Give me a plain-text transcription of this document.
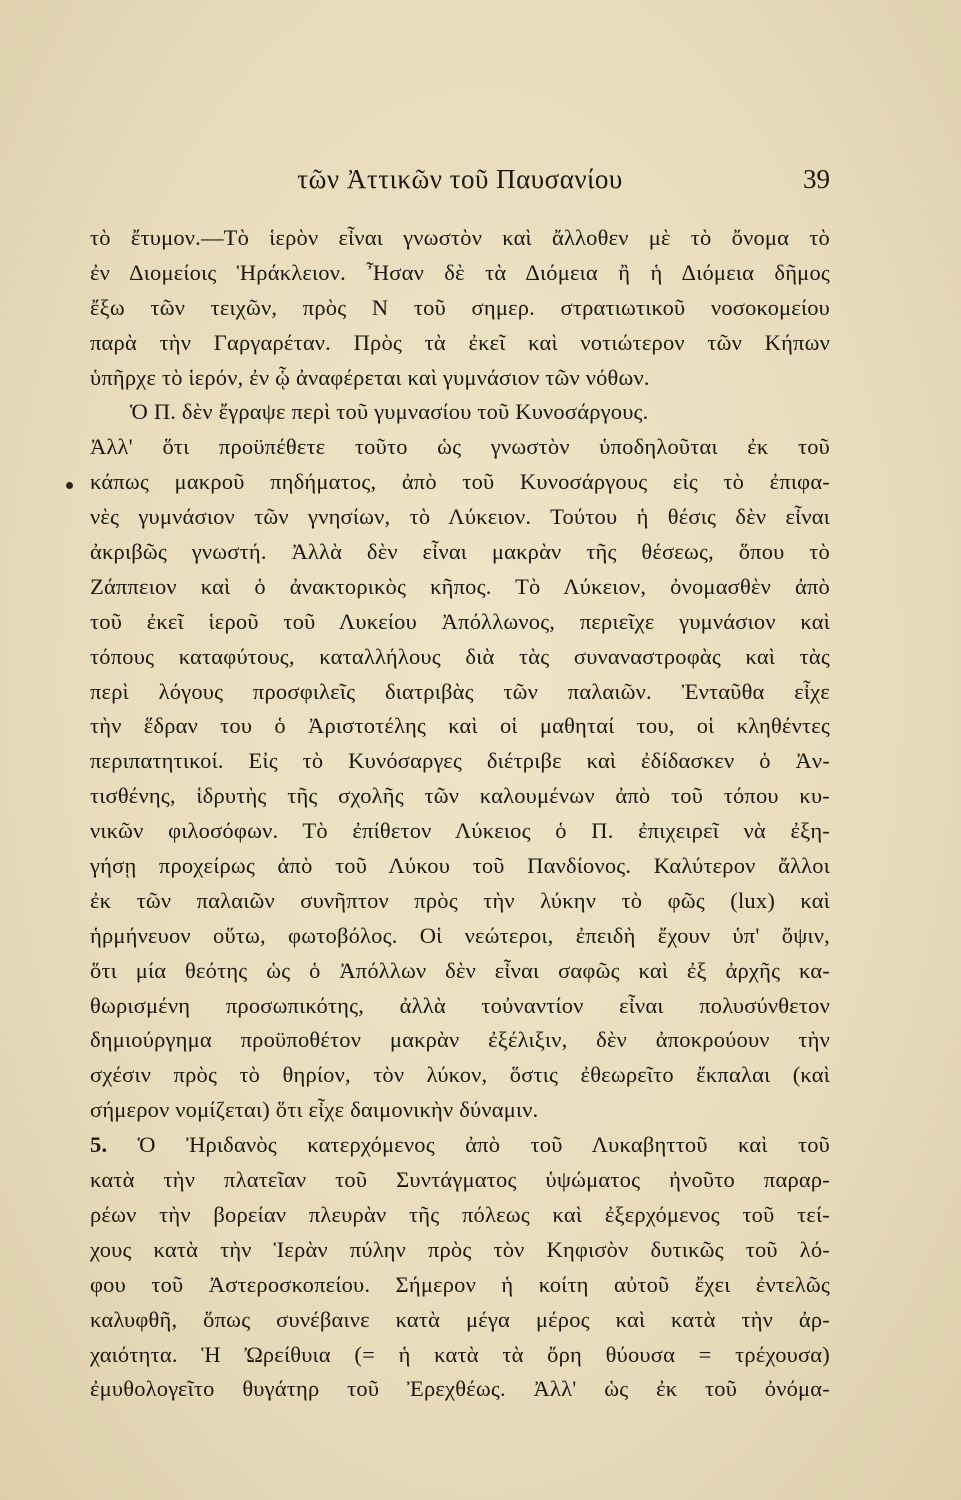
τῶν Ἀττικῶν τοῦ Παυσανίου	39
τὸ ἔτυμον.—Τὸ ἱερὸν εἶναι γνωστὸν καὶ ἄλλοθεν μὲ τὸ ὄνομα τὸ
ἐν Διομείοις Ἡράκλειον. Ἦσαν δὲ τὰ Διόμεια ἢ ἡ Διόμεια δῆμος
ἔξω τῶν τειχῶν, πρὸς Ν τοῦ σημερ. στρατιωτικοῦ νοσοκομείου
παρὰ τὴν Γαργαρέταν. Πρὸς τὰ ἐκεῖ καὶ νοτιώτερον τῶν Κήπων
ὑπῆρχε τὸ ἱερόν, ἐν ᾧ ἀναφέρεται καὶ γυμνάσιον τῶν νόθων.
Ὁ Π. δὲν ἔγραψε περὶ τοῦ γυμνασίου τοῦ Κυνοσάργους.
Ἀλλ' ὅτι προϋπέθετε τοῦτο ὡς γνωστὸν ὑποδηλοῦται ἐκ τοῦ
κάπως μακροῦ πηδήματος, ἀπὸ τοῦ Κυνοσάργους εἰς τὸ ἐπιφα-
νὲς γυμνάσιον τῶν γνησίων, τὸ Λύκειον. Τούτου ἡ θέσις δὲν εἶναι
ἀκριβῶς γνωστή. Ἀλλὰ δὲν εἶναι μακρὰν τῆς θέσεως, ὅπου τὸ
Ζάππειον καὶ ὁ ἀνακτορικὸς κῆπος. Τὸ Λύκειον, ὀνομασθὲν ἀπὸ
τοῦ ἐκεῖ ἱεροῦ τοῦ Λυκείου Ἀπόλλωνος, περιεῖχε γυμνάσιον καὶ
τόπους καταφύτους, καταλλήλους διὰ τὰς συναναστροφὰς καὶ τὰς
περὶ λόγους προσφιλεῖς διατριβὰς τῶν παλαιῶν. Ἐνταῦθα εἶχε
τὴν ἕδραν του ὁ Ἀριστοτέλης καὶ οἱ μαθηταί του, οἱ κληθέντες
περιπατητικοί. Εἰς τὸ Κυνόσαργες διέτριβε καὶ ἐδίδασκεν ὁ Ἀν-
τισθένης, ἱδρυτὴς τῆς σχολῆς τῶν καλουμένων ἀπὸ τοῦ τόπου κυ-
νικῶν φιλοσόφων. Τὸ ἐπίθετον Λύκειος ὁ Π. ἐπιχειρεῖ νὰ ἐξη-
γήσῃ προχείρως ἀπὸ τοῦ Λύκου τοῦ Πανδίονος. Καλύτερον ἄλλοι
ἐκ τῶν παλαιῶν συνῆπτον πρὸς τὴν λύκην τὸ φῶς (lux) καὶ
ἡρμήνευον οὕτω, φωτοβόλος. Οἱ νεώτεροι, ἐπειδὴ ἔχουν ὑπ' ὄψιν,
ὅτι μία θεότης ὡς ὁ Ἀπόλλων δὲν εἶναι σαφῶς καὶ ἐξ ἀρχῆς κα-
θωρισμένη προσωπικότης, ἀλλὰ τοὐναντίον εἶναι πολυσύνθετον
δημιούργημα προϋποθέτον μακρὰν ἐξέλιξιν, δὲν ἀποκρούουν τὴν
σχέσιν πρὸς τὸ θηρίον, τὸν λύκον, ὅστις ἐθεωρεῖτο ἔκπαλαι (καὶ
σήμερον νομίζεται) ὅτι εἶχε δαιμονικὴν δύναμιν.
5. Ὁ Ἠριδανὸς κατερχόμενος ἀπὸ τοῦ Λυκαβηττοῦ καὶ τοῦ
κατὰ τὴν πλατεῖαν τοῦ Συντάγματος ὑψώματος ἠνοῦτο παραρ-
ρέων τὴν βορείαν πλευρὰν τῆς πόλεως καὶ ἐξερχόμενος τοῦ τεί-
χους κατὰ τὴν Ἱερὰν πύλην πρὸς τὸν Κηφισὸν δυτικῶς τοῦ λό-
φου τοῦ Ἀστεροσκοπείου. Σήμερον ἡ κοίτη αὐτοῦ ἔχει ἐντελῶς
καλυφθῆ, ὅπως συνέβαινε κατὰ μέγα μέρος καὶ κατὰ τὴν ἀρ-
χαιότητα. Ἡ Ὠρείθυια (= ἡ κατὰ τὰ ὄρη θύουσα = τρέχουσα)
ἐμυθολογεῖτο θυγάτηρ τοῦ Ἐρεχθέως. Ἀλλ' ὡς ἐκ τοῦ ὀνόμα-
